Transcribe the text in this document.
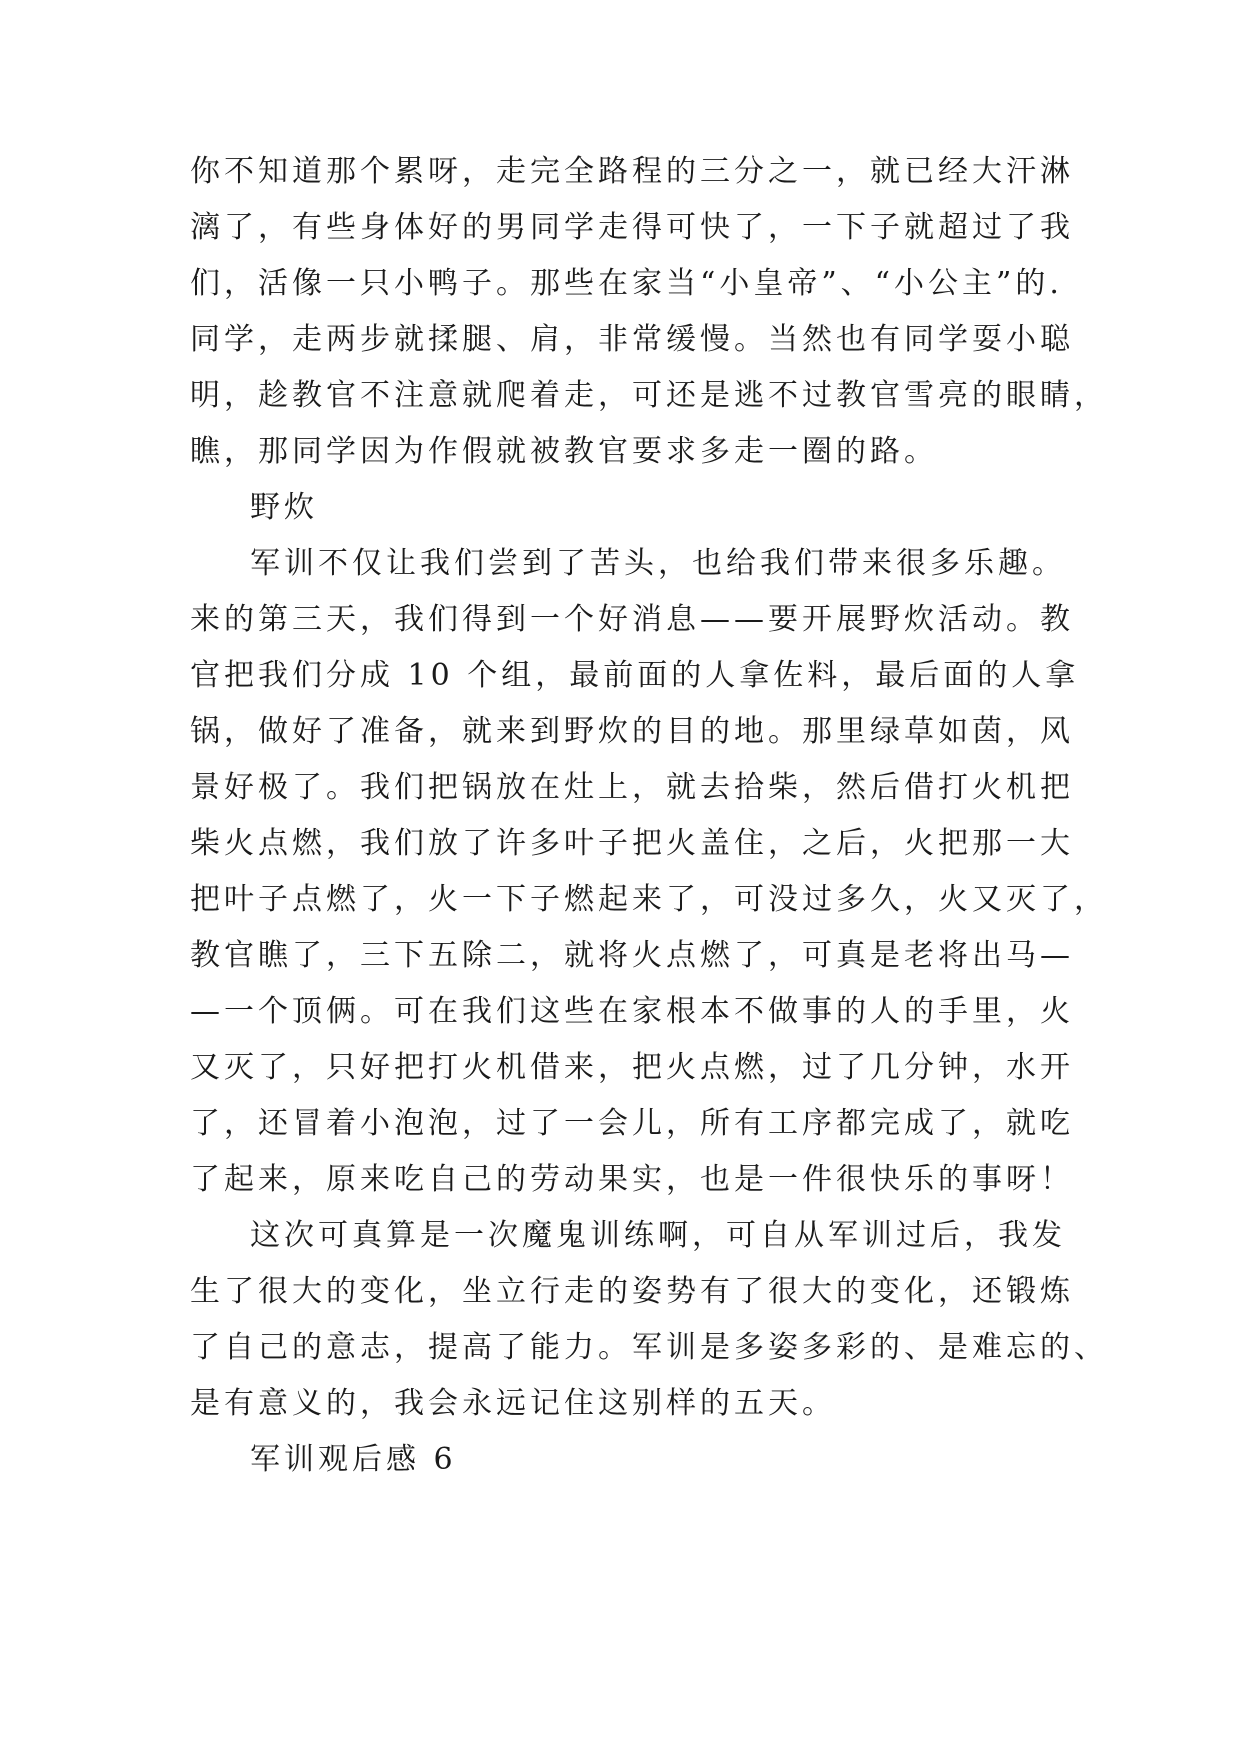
你不知道那个累呀，走完全路程的三分之一，就已经大汗淋
漓了，有些身体好的男同学走得可快了，一下子就超过了我
们，活像一只小鸭子。那些在家当“小皇帝”、“小公主”的.
同学，走两步就揉腿、肩，非常缓慢。当然也有同学耍小聪
明，趁教官不注意就爬着走，可还是逃不过教官雪亮的眼睛，
瞧，那同学因为作假就被教官要求多走一圈的路。
野炊
军训不仅让我们尝到了苦头，也给我们带来很多乐趣。
来的第三天，我们得到一个好消息——要开展野炊活动。教
官把我们分成 10 个组，最前面的人拿佐料，最后面的人拿
锅，做好了准备，就来到野炊的目的地。那里绿草如茵，风
景好极了。我们把锅放在灶上，就去拾柴，然后借打火机把
柴火点燃，我们放了许多叶子把火盖住，之后，火把那一大
把叶子点燃了，火一下子燃起来了，可没过多久，火又灭了，
教官瞧了，三下五除二，就将火点燃了，可真是老将出马—
—一个顶俩。可在我们这些在家根本不做事的人的手里，火
又灭了，只好把打火机借来，把火点燃，过了几分钟，水开
了，还冒着小泡泡，过了一会儿，所有工序都完成了，就吃
了起来，原来吃自己的劳动果实，也是一件很快乐的事呀！
这次可真算是一次魔鬼训练啊，可自从军训过后，我发
生了很大的变化，坐立行走的姿势有了很大的变化，还锻炼
了自己的意志，提高了能力。军训是多姿多彩的、是难忘的、
是有意义的，我会永远记住这别样的五天。
军训观后感 6
